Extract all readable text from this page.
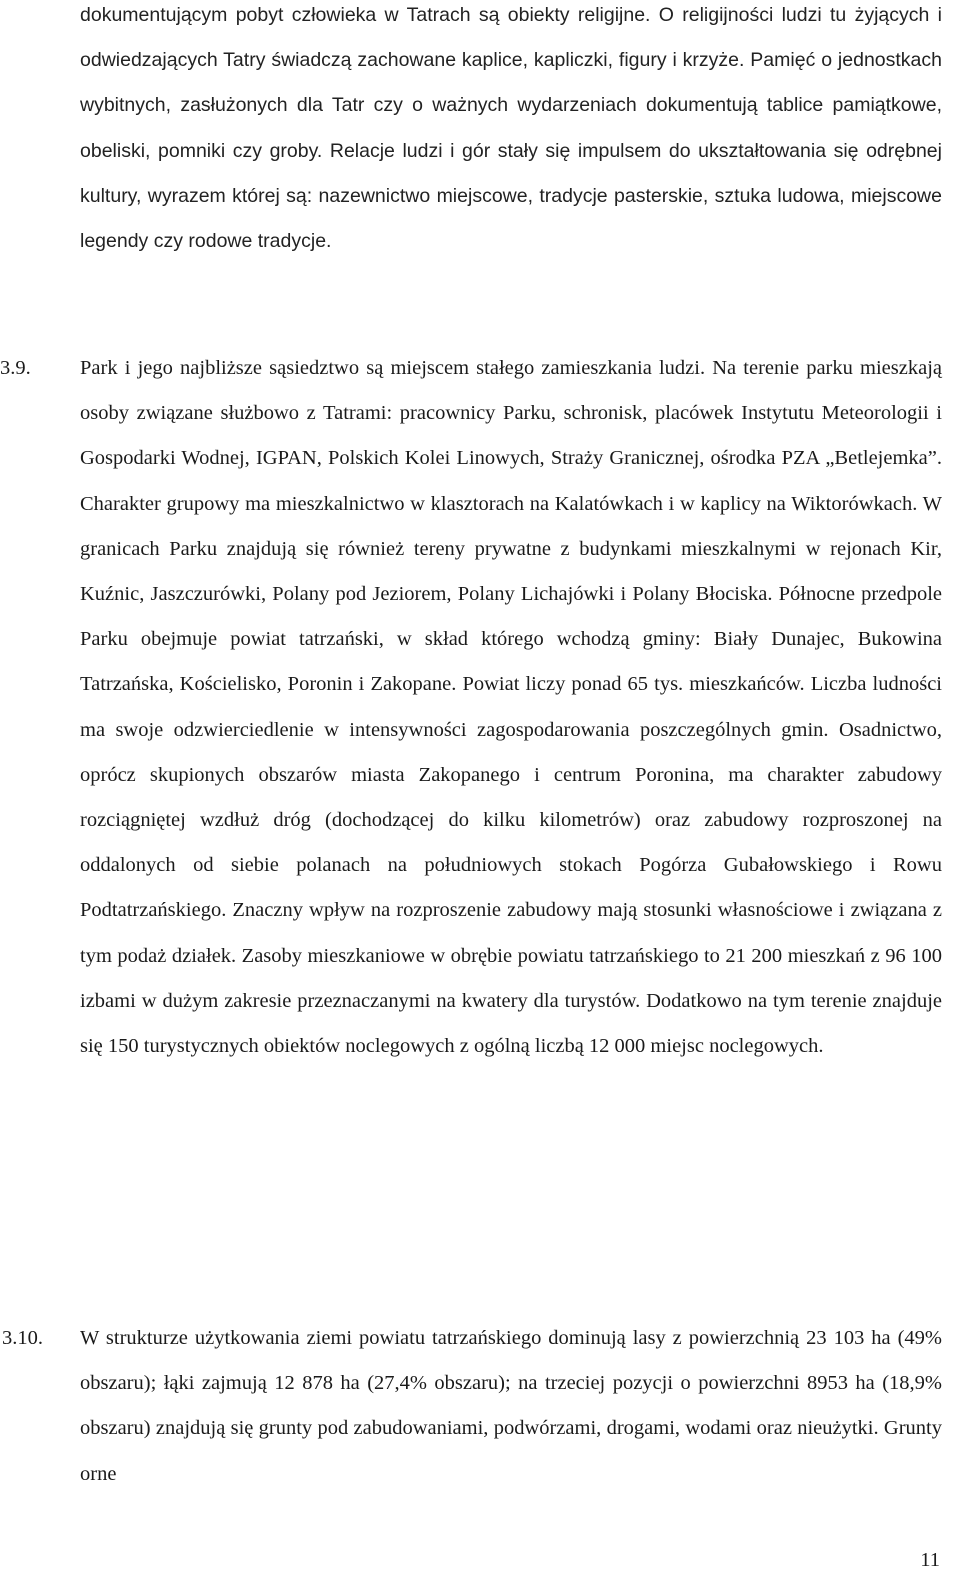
dokumentującym pobyt człowieka w Tatrach są obiekty religijne. O religijności ludzi tu żyjących i odwiedzających Tatry świadczą zachowane kaplice, kapliczki, figury i krzyże. Pamięć o jednostkach wybitnych, zasłużonych dla Tatr czy o ważnych wydarzeniach dokumentują tablice pamiątkowe, obeliski, pomniki czy groby. Relacje ludzi i gór stały się impulsem do ukształtowania się odrębnej kultury, wyrazem której są: nazewnictwo miejscowe, tradycje pasterskie, sztuka ludowa, miejscowe legendy czy rodowe tradycje.

3.9. Park i jego najbliższe sąsiedztwo są miejscem stałego zamieszkania ludzi. Na terenie parku mieszkają osoby związane służbowo z Tatrami: pracownicy Parku, schronisk, placówek Instytutu Meteorologii i Gospodarki Wodnej, IGPAN, Polskich Kolei Linowych, Straży Granicznej, ośrodka PZA „Betlejemka”. Charakter grupowy ma mieszkalnictwo w klasztorach na Kalatówkach i w kaplicy na Wiktorówkach. W granicach Parku znajdują się również tereny prywatne z budynkami mieszkalnymi w rejonach Kir, Kuźnic, Jaszczurówki, Polany pod Jeziorem, Polany Lichajówki i Polany Błociska. Północne przedpole Parku obejmuje powiat tatrzański, w skład którego wchodzą gminy: Biały Dunajec, Bukowina Tatrzańska, Kościelisko, Poronin i Zakopane. Powiat liczy ponad 65 tys. mieszkańców. Liczba ludności ma swoje odzwierciedlenie w intensywności zagospodarowania poszczególnych gmin. Osadnictwo, oprócz skupionych obszarów miasta Zakopanego i centrum Poronina, ma charakter zabudowy rozciągniętej wzdłuż dróg (dochodzącej do kilku kilometrów) oraz zabudowy rozproszonej na oddalonych od siebie polanach na południowych stokach Pogórza Gubałowskiego i Rowu Podtatrzańskiego. Znaczny wpływ na rozproszenie zabudowy mają stosunki własnościowe i związana z tym podaż działek. Zasoby mieszkaniowe w obrębie powiatu tatrzańskiego to 21 200 mieszkań z 96 100 izbami w dużym zakresie przeznaczanymi na kwatery dla turystów. Dodatkowo na tym terenie znajduje się 150 turystycznych obiektów noclegowych z ogólną liczbą 12 000 miejsc noclegowych.

3.10. W strukturze użytkowania ziemi powiatu tatrzańskiego dominują lasy z powierzchnią 23 103 ha (49% obszaru); łąki zajmują 12 878 ha (27,4% obszaru); na trzeciej pozycji o powierzchni 8953 ha (18,9% obszaru) znajdują się grunty pod zabudowaniami, podwórzami, drogami, wodami oraz nieużytki. Grunty orne

11
